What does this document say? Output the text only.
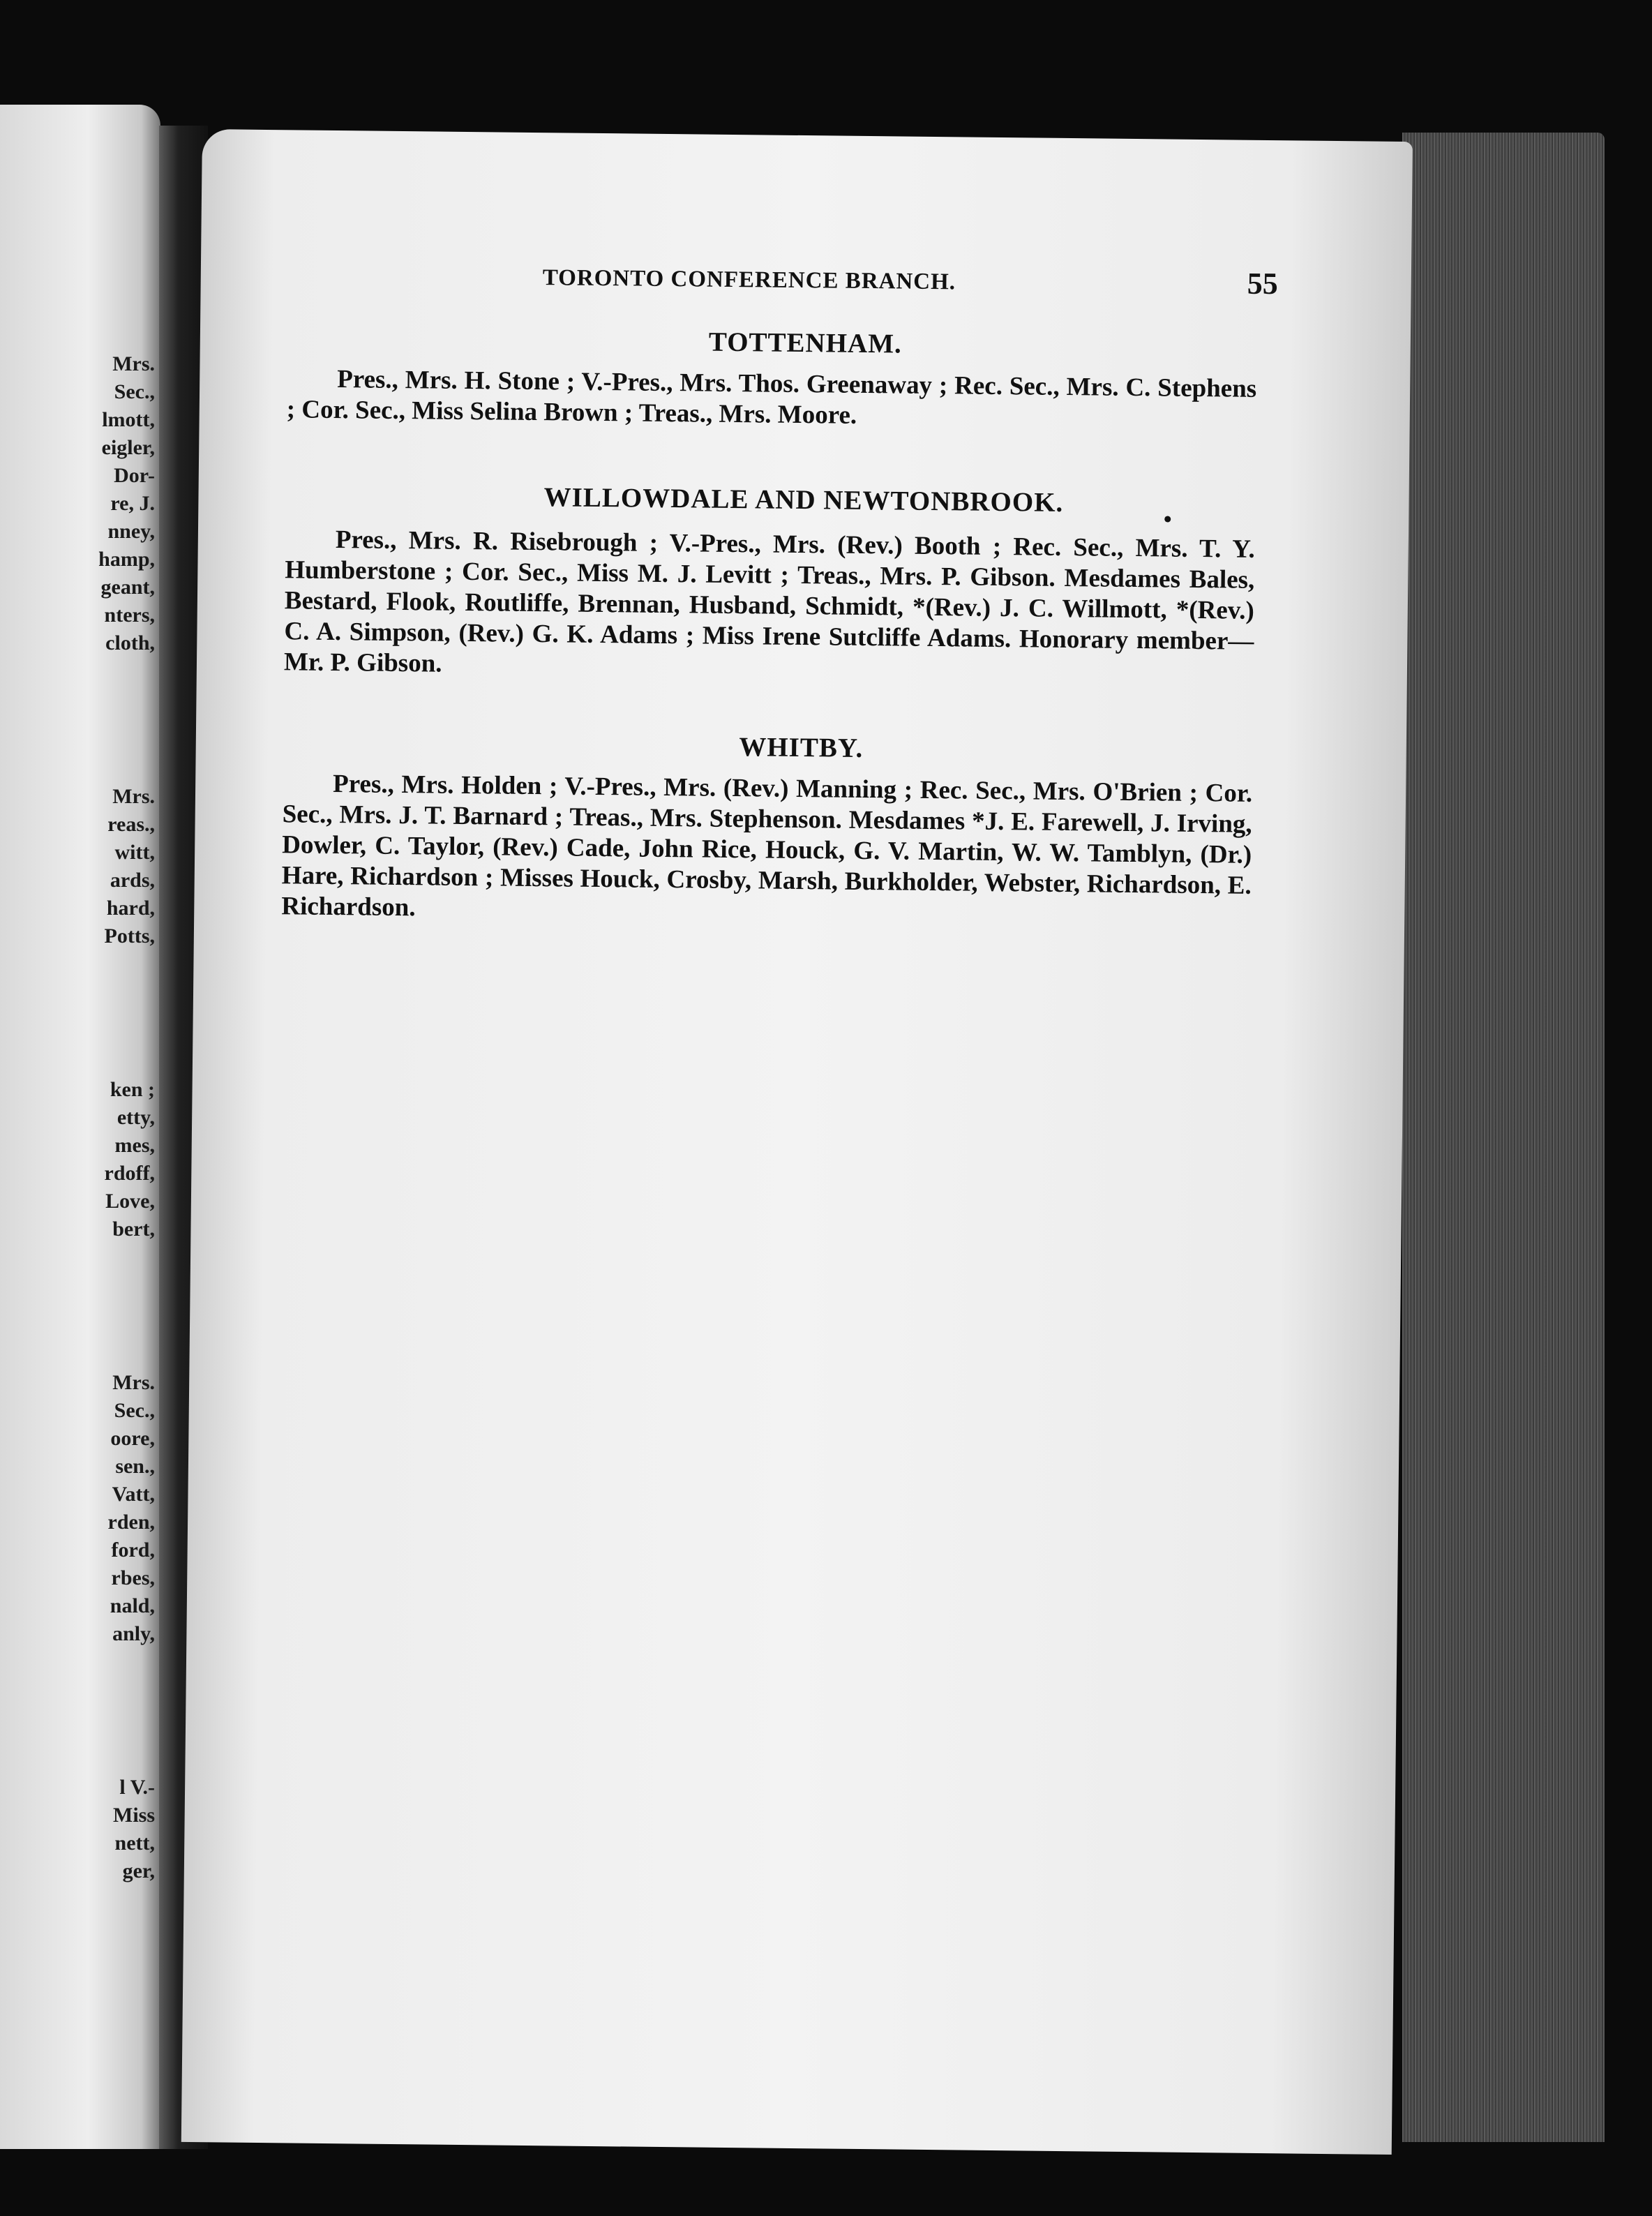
Mrs.

Sec.,

lmott,

eigler,

Dor-

re, J.

nney,

hamp,

geant,

nters,

cloth,

Mrs.

reas.,

witt,

ards,

hard,

Potts,

ken ;

etty,

mes,

rdoff,

Love,

bert,

Mrs.

Sec.,

oore,

sen.,

Vatt,

rden,

ford,

rbes,

nald,

anly,

l V.-

Miss

nett,

ger,

TORONTO CONFERENCE BRANCH.	55

TOTTENHAM.

Pres., Mrs. H. Stone ; V.-Pres., Mrs. Thos. Greenaway ; Rec. Sec., Mrs. C. Stephens ; Cor. Sec., Miss Selina Brown ; Treas., Mrs. Moore.

WILLOWDALE AND NEWTONBROOK.

Pres., Mrs. R. Risebrough ; V.-Pres., Mrs. (Rev.) Booth ; Rec. Sec., Mrs. T. Y. Humberstone ; Cor. Sec., Miss M. J. Levitt ; Treas., Mrs. P. Gibson. Mesdames Bales, Bestard, Flook, Routliffe, Brennan, Husband, Schmidt, *(Rev.) J. C. Willmott, *(Rev.) C. A. Simpson, (Rev.) G. K. Adams ; Miss Irene Sutcliffe Adams. Honorary member—Mr. P. Gibson.

WHITBY.

Pres., Mrs. Holden ; V.-Pres., Mrs. (Rev.) Manning ; Rec. Sec., Mrs. O'Brien ; Cor. Sec., Mrs. J. T. Barnard ; Treas., Mrs. Stephenson. Mesdames *J. E. Farewell, J. Irving, Dowler, C. Taylor, (Rev.) Cade, John Rice, Houck, G. V. Martin, W. W. Tamblyn, (Dr.) Hare, Richardson ; Misses Houck, Crosby, Marsh, Burkholder, Webster, Richardson, E. Richardson.
